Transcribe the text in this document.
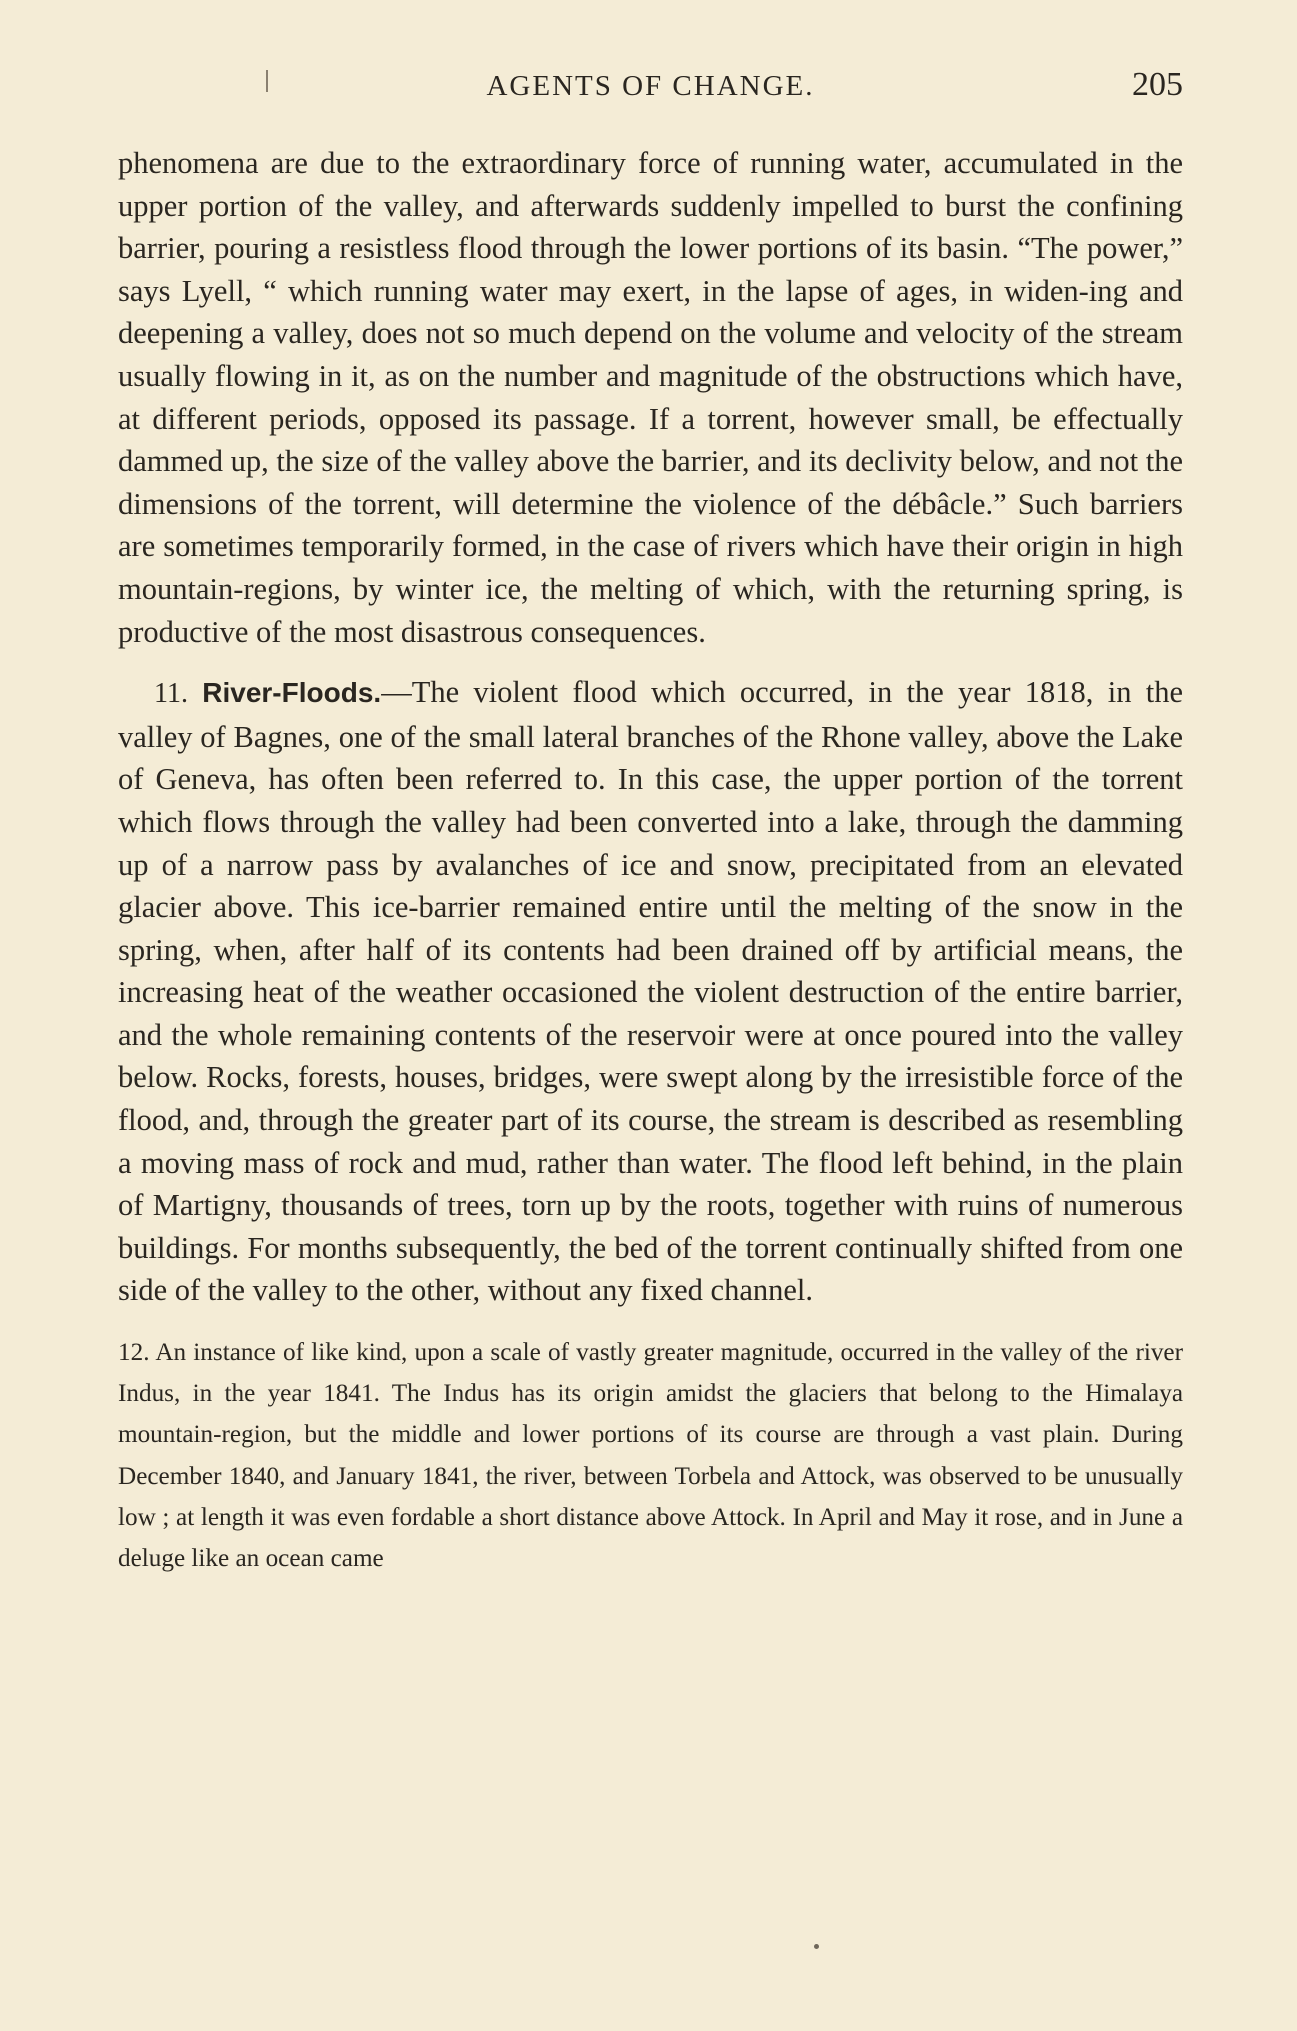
AGENTS OF CHANGE.	205

phenomena are due to the extraordinary force of running water, accumulated in the upper portion of the valley, and afterwards suddenly impelled to burst the confining barrier, pouring a resistless flood through the lower portions of its basin. “The power,” says Lyell, “ which running water may exert, in the lapse of ages, in widen-ing and deepening a valley, does not so much depend on the volume and velocity of the stream usually flowing in it, as on the number and magnitude of the obstructions which have, at different periods, opposed its passage. If a torrent, however small, be effectually dammed up, the size of the valley above the barrier, and its declivity below, and not the dimensions of the torrent, will determine the violence of the débâcle.” Such barriers are sometimes temporarily formed, in the case of rivers which have their origin in high mountain-regions, by winter ice, the melting of which, with the returning spring, is productive of the most disastrous consequences.

11. River-Floods.—The violent flood which occurred, in the year 1818, in the valley of Bagnes, one of the small lateral branches of the Rhone valley, above the Lake of Geneva, has often been referred to. In this case, the upper portion of the torrent which flows through the valley had been converted into a lake, through the damming up of a narrow pass by avalanches of ice and snow, precipitated from an elevated glacier above. This ice-barrier remained entire until the melting of the snow in the spring, when, after half of its contents had been drained off by artificial means, the increasing heat of the weather occasioned the violent destruction of the entire barrier, and the whole remaining contents of the reservoir were at once poured into the valley below. Rocks, forests, houses, bridges, were swept along by the irresistible force of the flood, and, through the greater part of its course, the stream is described as resembling a moving mass of rock and mud, rather than water. The flood left behind, in the plain of Martigny, thousands of trees, torn up by the roots, together with ruins of numerous buildings. For months subsequently, the bed of the torrent continually shifted from one side of the valley to the other, without any fixed channel.

12. An instance of like kind, upon a scale of vastly greater magnitude, occurred in the valley of the river Indus, in the year 1841. The Indus has its origin amidst the glaciers that belong to the Himalaya mountain-region, but the middle and lower portions of its course are through a vast plain. During December 1840, and January 1841, the river, between Torbela and Attock, was observed to be unusually low ; at length it was even fordable a short distance above Attock. In April and May it rose, and in June a deluge like an ocean came
